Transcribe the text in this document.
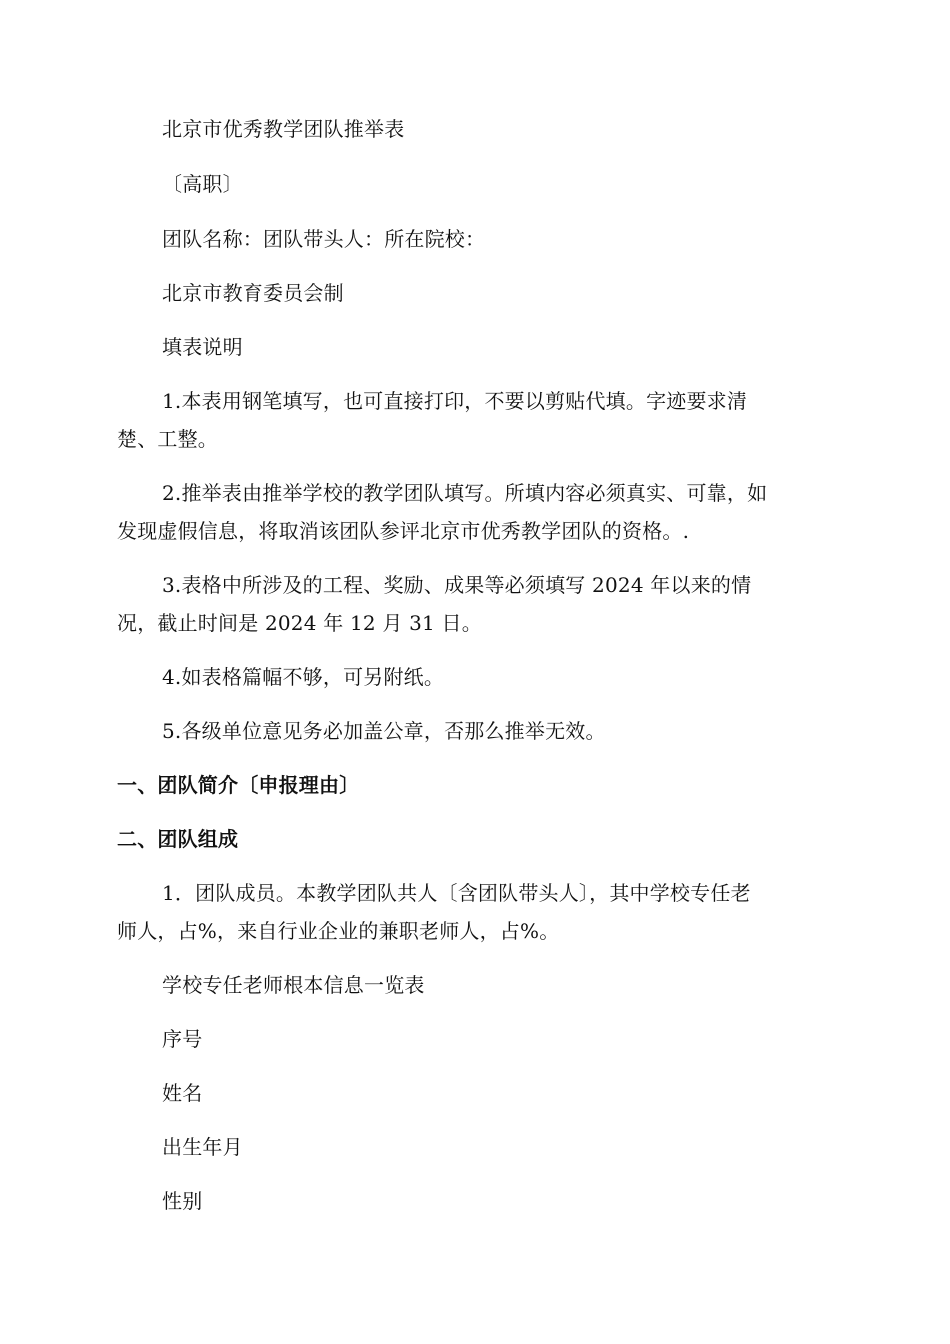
北京市优秀教学团队推举表
〔高职〕
团队名称：团队带头人：所在院校：
北京市教育委员会制
填表说明
1.本表用钢笔填写，也可直接打印，不要以剪贴代填。字迹要求清
楚、工整。
2.推举表由推举学校的教学团队填写。所填内容必须真实、可靠，如
发现虚假信息，将取消该团队参评北京市优秀教学团队的资格。.
3.表格中所涉及的工程、奖励、成果等必须填写 2024 年以来的情
况，截止时间是 2024 年 12 月 31 日。
4.如表格篇幅不够，可另附纸。
5.各级单位意见务必加盖公章，否那么推举无效。
一、团队简介〔申报理由〕
二、团队组成
1．团队成员。本教学团队共人〔含团队带头人〕，其中学校专任老
师人，占%，来自行业企业的兼职老师人，占%。
学校专任老师根本信息一览表
序号
姓名
出生年月
性别
